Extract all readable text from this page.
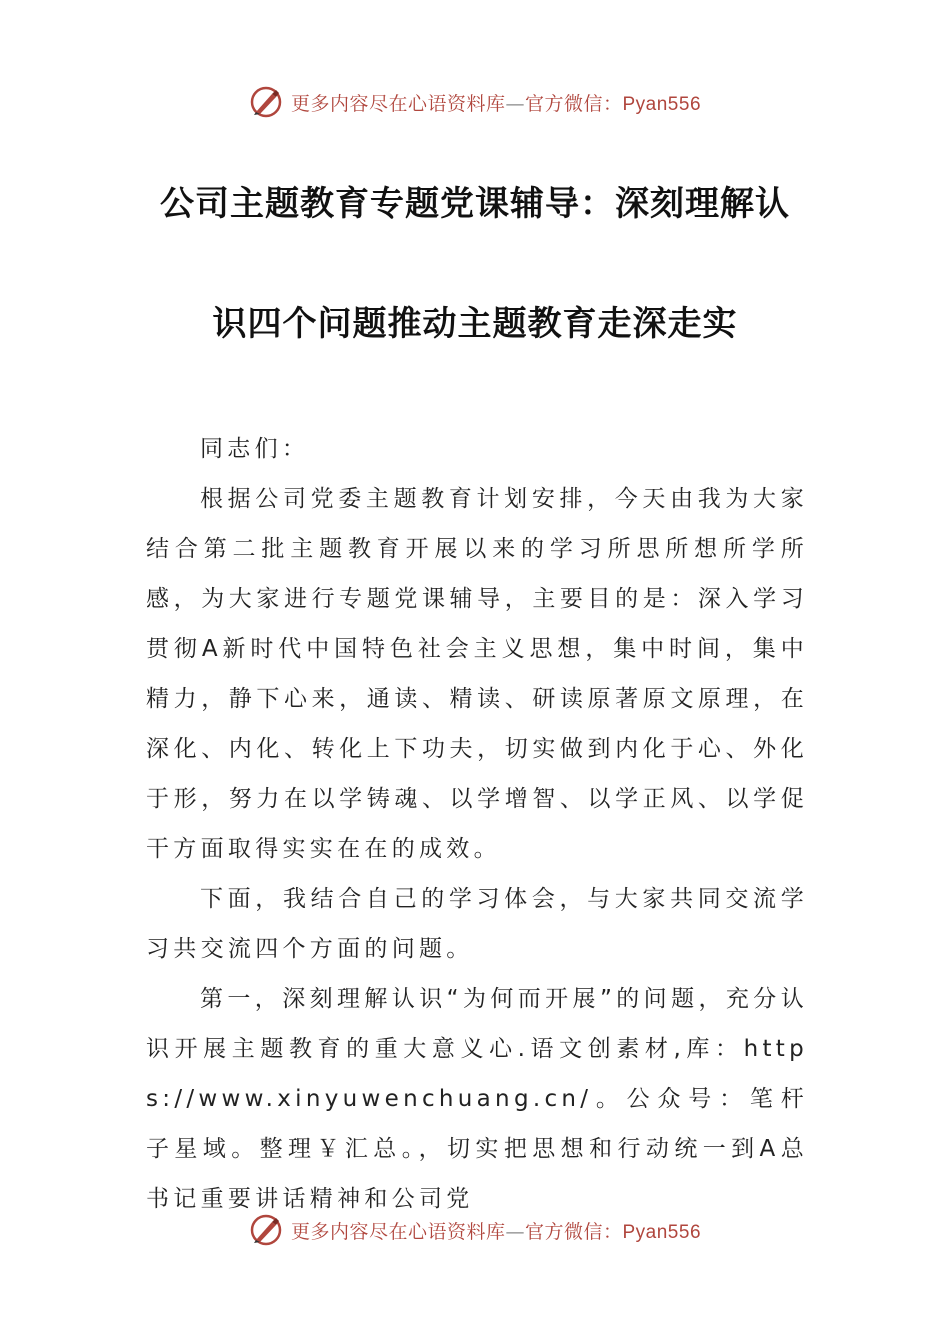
更多内容尽在心语资料库—官方微信：Pyan556
公司主题教育专题党课辅导：深刻理解认
识四个问题推动主题教育走深走实

同志们：

根据公司党委主题教育计划安排，今天由我为大家结合第二批主题教育开展以来的学习所思所想所学所感，为大家进行专题党课辅导，主要目的是：深入学习贯彻A新时代中国特色社会主义思想，集中时间，集中精力，静下心来，通读、精读、研读原著原文原理，在深化、内化、转化上下功夫，切实做到内化于心、外化于形，努力在以学铸魂、以学增智、以学正风、以学促干方面取得实实在在的成效。

下面，我结合自己的学习体会，与大家共同交流学习共交流四个方面的问题。

第一，深刻理解认识“为何而开展”的问题，充分认识开展主题教育的重大意义心.语文创素材,库：https://www.xinyuwenchuang.cn/。公众号：笔杆子星域。整理￥汇总。，切实把思想和行动统一到A总书记重要讲话精神和公司党

更多内容尽在心语资料库—官方微信：Pyan556
